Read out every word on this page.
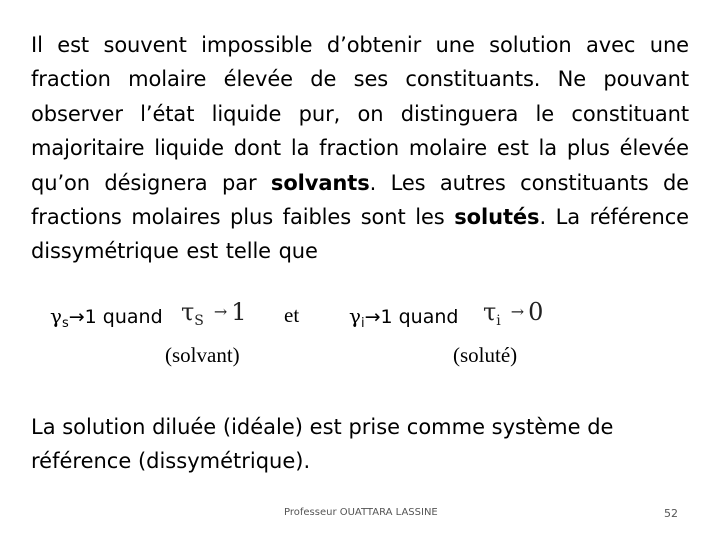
Il est souvent impossible d’obtenir une solution avec une fraction molaire élevée de ses constituants. Ne pouvant observer l’état liquide pur, on distinguera le constituant majoritaire liquide dont la fraction molaire est la plus élevée qu’on désignera par solvants. Les autres constituants de fractions molaires plus faibles sont les solutés. La référence dissymétrique est telle que
$\gamma_s\to 1$ quand $\tau_S \to 1$ et $\gamma_i\to 1$ quand $\tau_i \to 0$
(solvant)	(soluté)
La solution diluée (idéale) est prise comme système de référence (dissymétrique).
Professeur OUATTARA LASSINE	52
